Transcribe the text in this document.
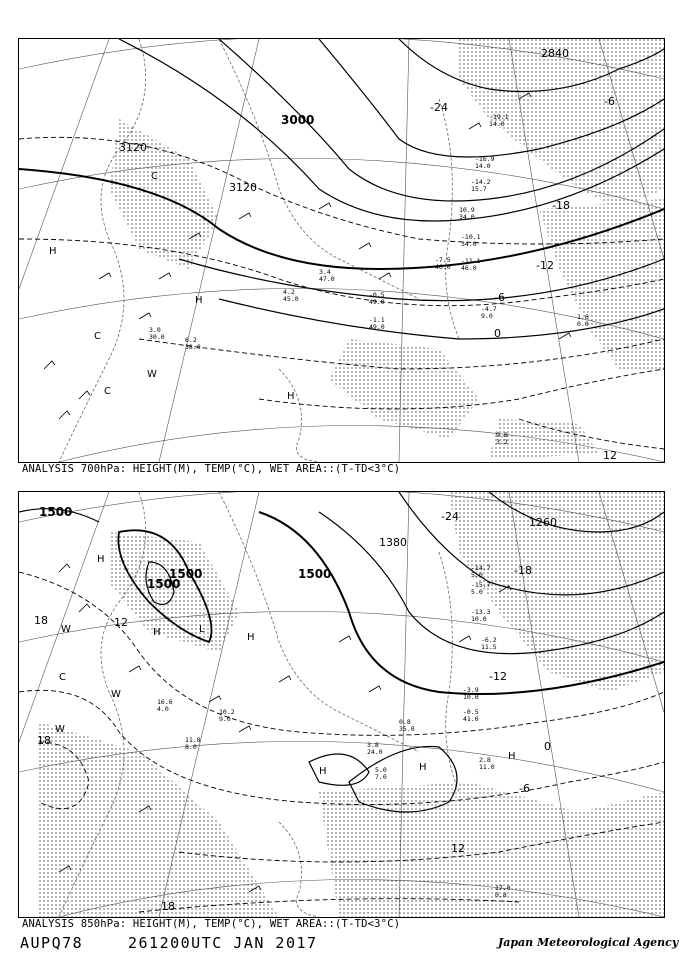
3000
3120
3120
2840
-24
-18
-12
-6
0
-6
12
H
H
H
C
C
C
W
-19.1
14.0
-16.9
14.0
-14.2
15.7
10.9
34.0
-10.1
34.0
-7.5
46.0
-11.1
46.0
-4.7
9.0	1.6
0.0
-0.5
49.0
-1.1
49.0
4.2
45.0
3.4
47.0
9.8
3.2
6.2
38.0
3.0
30.0
ANALYSIS 700hPa: HEIGHT(M), TEMP(°C), WET AREA::(T-TD<3°C)
1500
1500
1500
1500
1260
1380
-24
-18
18	12
18
-12
-6
0
12
18
H
H	H
H	H
H
L
C
W
W
W
-14.7
5.0
-15.7
5.0
-13.3
10.0
-6.2
11.5
-3.9
10.0
-0.5
41.0
3.8
24.0
5.0
7.0
2.8
11.0
0.8
35.0
10.2
9.0
17.0
0.8
16.6
4.0
11.8
8.0
ANALYSIS 850hPa: HEIGHT(M), TEMP(°C), WET AREA::(T-TD<3°C)
AUPQ78	261200UTC JAN 2017	Japan Meteorological Agency
